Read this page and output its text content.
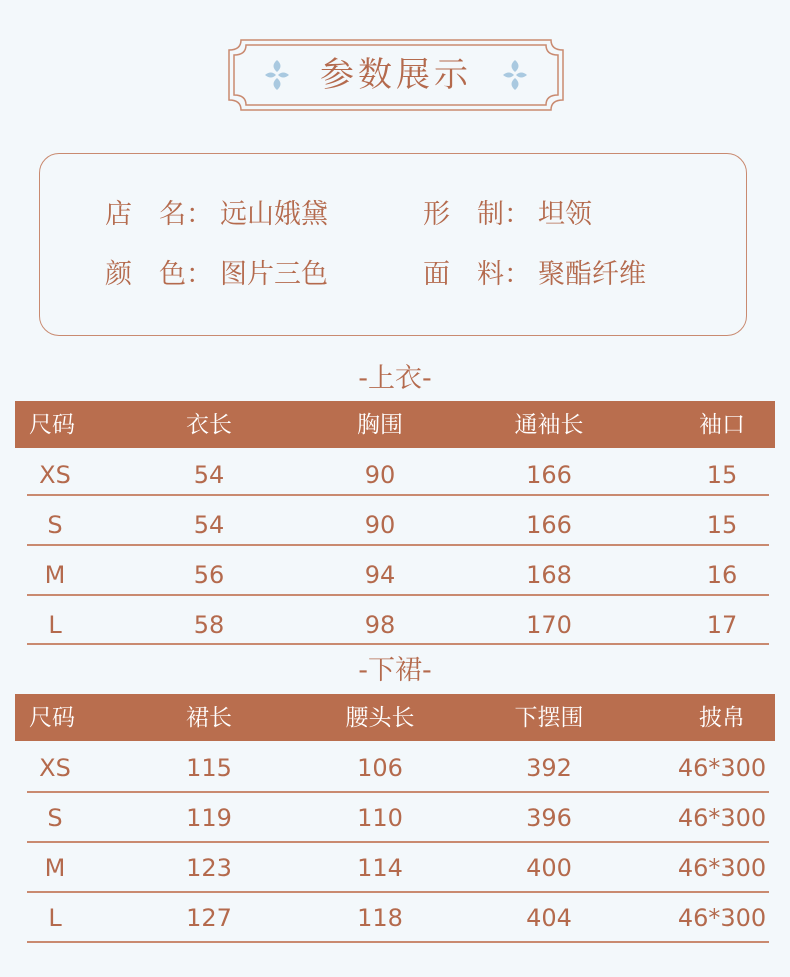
参数展示
店　名： 远山娥黛	形　制： 坦领
颜　色： 图片三色	面　料： 聚酯纤维
-上衣-
尺码	衣长	胸围	通袖长	袖口
XS	54	90	166	15
S	54	90	166	15
M	56	94	168	16
L	58	98	170	17
-下裙-
尺码	裙长	腰头长	下摆围	披帛
XS	115	106	392	46*300
S	119	110	396	46*300
M	123	114	400	46*300
L	127	118	404	46*300
